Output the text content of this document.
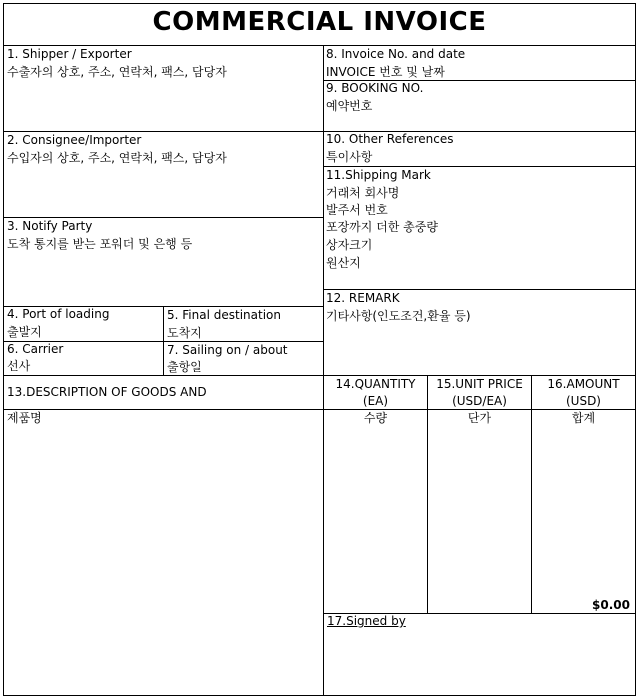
COMMERCIAL INVOICE
1. Shipper / Exporter
수출자의 상호, 주소, 연락처, 팩스, 담당자
8. Invoice No. and date
INVOICE 번호 및 날짜
9. BOOKING NO.
예약번호
2. Consignee/Importer
수입자의 상호, 주소, 연락처, 팩스, 담당자
10. Other References
특이사항
11.Shipping Mark
거래처 회사명
발주서 번호
포장까지 더한 총중량
상자크기
원산지
3. Notify Party
도착 통지를 받는 포워더 및 은행 등
12. REMARK
기타사항(인도조건,환율 등)
4. Port of loading
출발지
5. Final destination
도착지
6. Carrier
선사
7. Sailing on / about
출항일
13.DESCRIPTION OF GOODS AND
제품명
14.QUANTITY
(EA)
수량
15.UNIT PRICE
(USD/EA)
단가
16.AMOUNT
(USD)
합계
$0.00
17.Signed by
